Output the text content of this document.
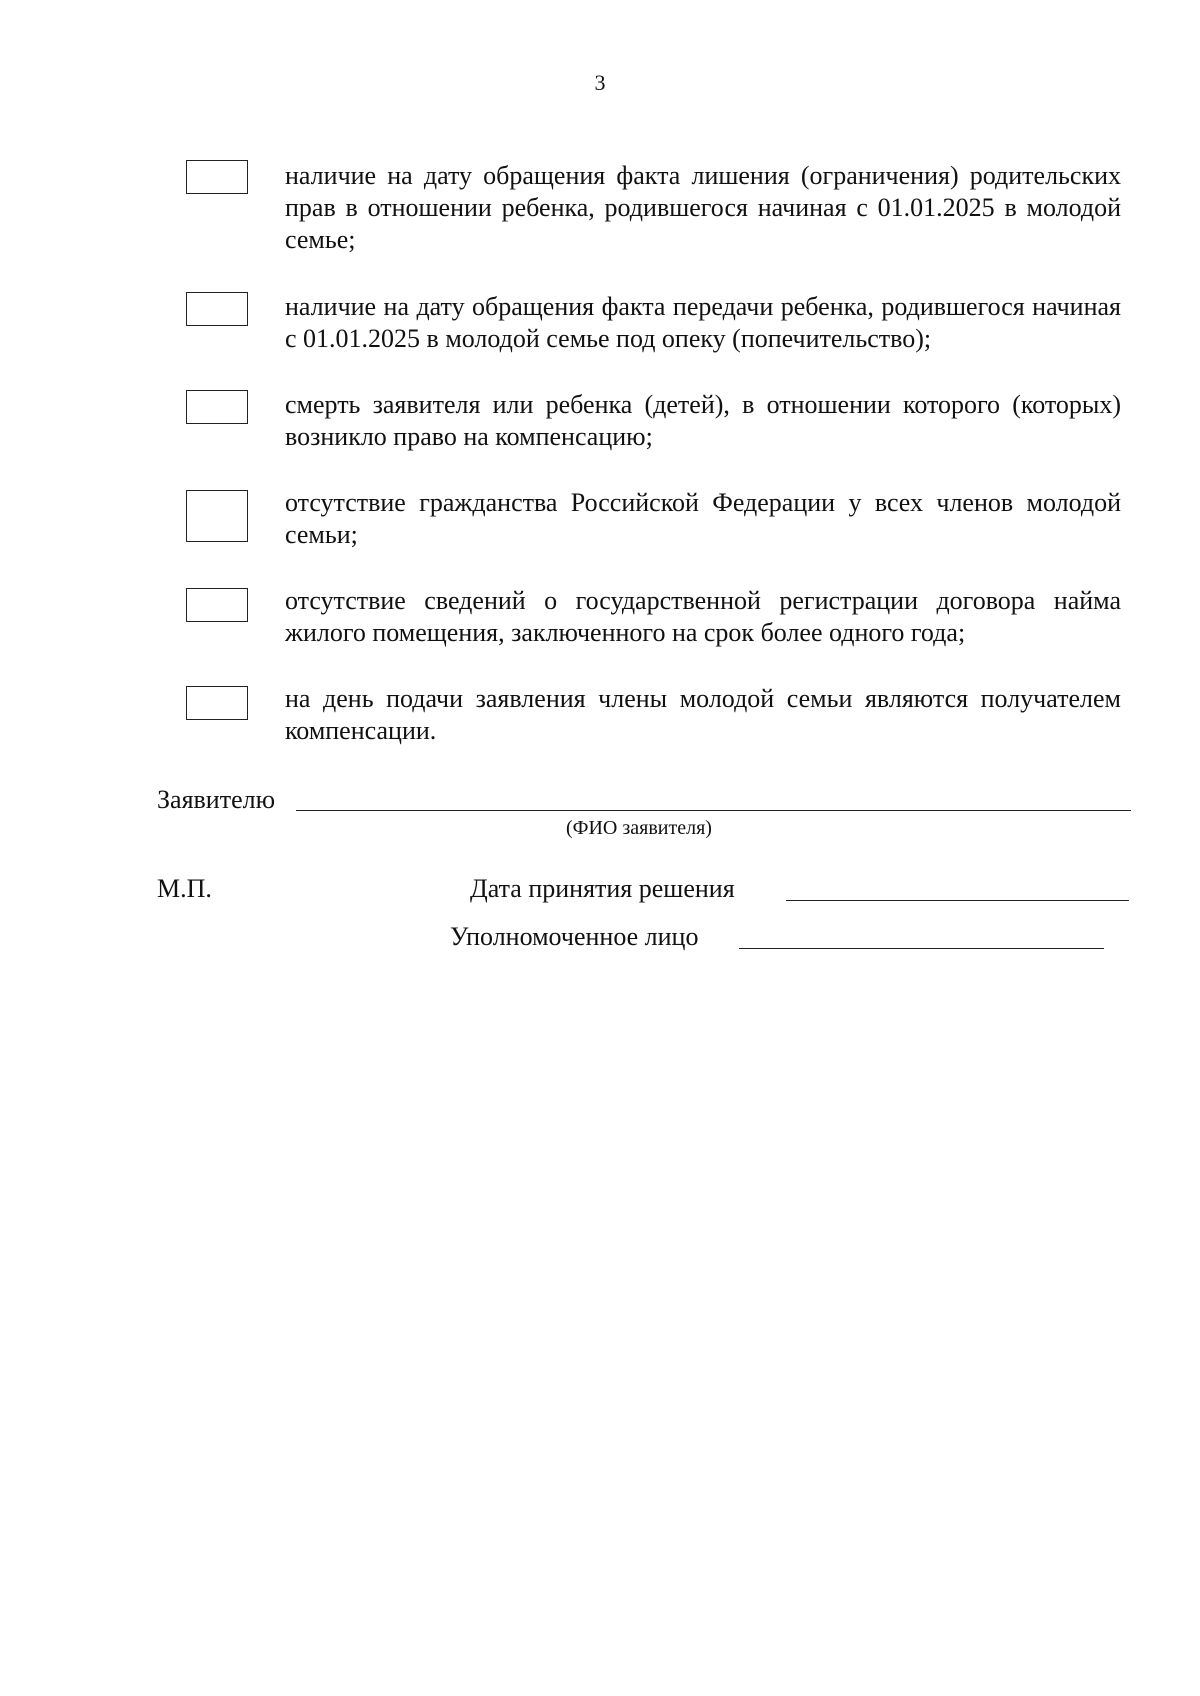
3
наличие на дату обращения факта лишения (ограничения) родительских прав в отношении ребенка, родившегося начиная с 01.01.2025 в молодой семье;
наличие на дату обращения факта передачи ребенка, родившегося начиная с 01.01.2025 в молодой семье под опеку (попечительство);
смерть заявителя или ребенка (детей), в отношении которого (которых) возникло право на компенсацию;
отсутствие гражданства Российской Федерации у всех членов молодой семьи;
отсутствие сведений о государственной регистрации договора найма жилого помещения, заключенного на срок более одного года;
на день подачи заявления члены молодой семьи являются получателем компенсации.
Заявителю
(ФИО заявителя)
М.П.	Дата принятия решения
Уполномоченное лицо
